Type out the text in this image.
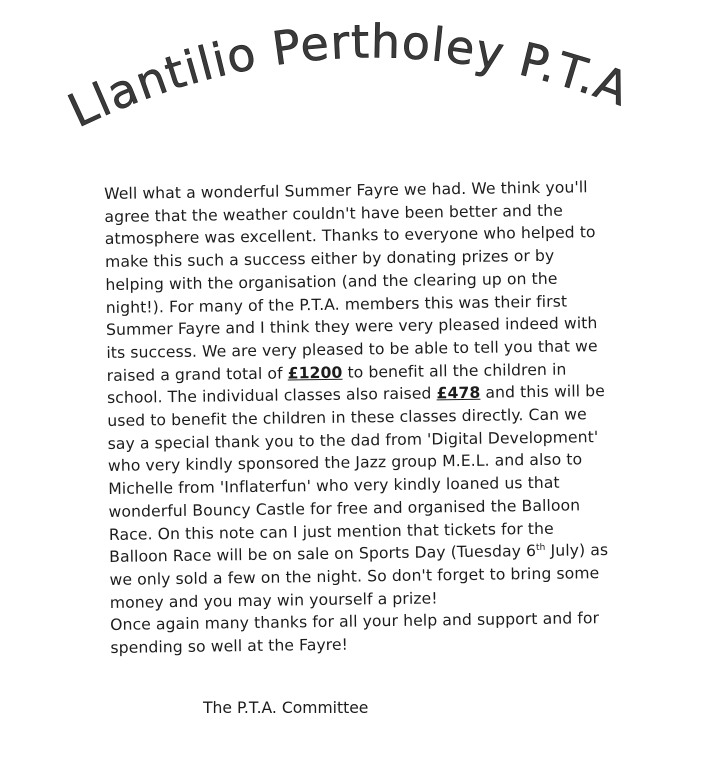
Llantilio Pertholey P.T.A
Well what a wonderful Summer Fayre we had. We think you'll
agree that the weather couldn't have been better and the
atmosphere was excellent. Thanks to everyone who helped to
make this such a success either by donating prizes or by
helping with the organisation (and the clearing up on the
night!). For many of the P.T.A. members this was their first
Summer Fayre and I think they were very pleased indeed with
its success. We are very pleased to be able to tell you that we
raised a grand total of £1200 to benefit all the children in
school. The individual classes also raised £478 and this will be
used to benefit the children in these classes directly. Can we
say a special thank you to the dad from 'Digital Development'
who very kindly sponsored the Jazz group M.E.L. and also to
Michelle from 'Inflaterfun' who very kindly loaned us that
wonderful Bouncy Castle for free and organised the Balloon
Race. On this note can I just mention that tickets for the
Balloon Race will be on sale on Sports Day (Tuesday 6th July) as
we only sold a few on the night. So don't forget to bring some
money and you may win yourself a prize!
Once again many thanks for all your help and support and for
spending so well at the Fayre!
The P.T.A. Committee
